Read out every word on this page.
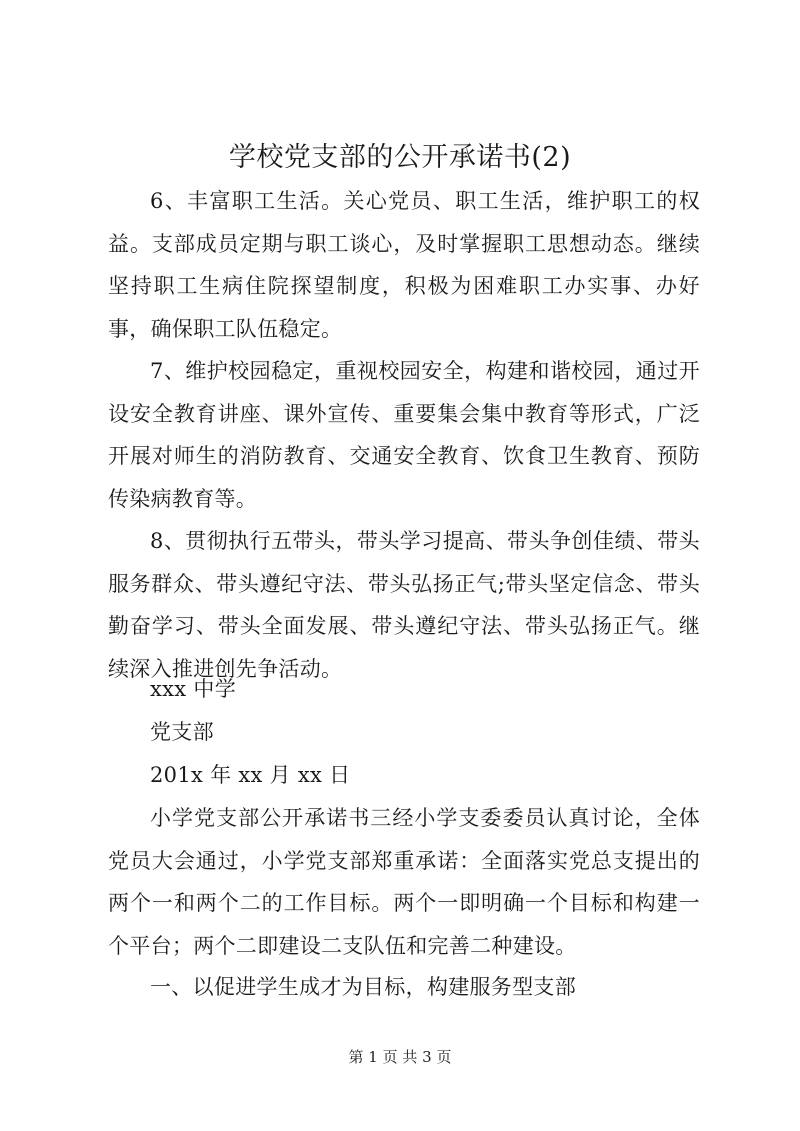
学校党支部的公开承诺书(2)

6、丰富职工生活。关心党员、职工生活，维护职工的权益。支部成员定期与职工谈心，及时掌握职工思想动态。继续坚持职工生病住院探望制度，积极为困难职工办实事、办好事，确保职工队伍稳定。

7、维护校园稳定，重视校园安全，构建和谐校园，通过开设安全教育讲座、课外宣传、重要集会集中教育等形式，广泛开展对师生的消防教育、交通安全教育、饮食卫生教育、预防传染病教育等。

8、贯彻执行五带头，带头学习提高、带头争创佳绩、带头服务群众、带头遵纪守法、带头弘扬正气;带头坚定信念、带头勤奋学习、带头全面发展、带头遵纪守法、带头弘扬正气。继续深入推进创先争活动。

xxx 中学

党支部

201x 年 xx 月 xx 日

小学党支部公开承诺书三经小学支委委员认真讨论，全体党员大会通过，小学党支部郑重承诺：全面落实党总支提出的两个一和两个二的工作目标。两个一即明确一个目标和构建一个平台；两个二即建设二支队伍和完善二种建设。

一、以促进学生成才为目标，构建服务型支部

第 1 页 共 3 页
